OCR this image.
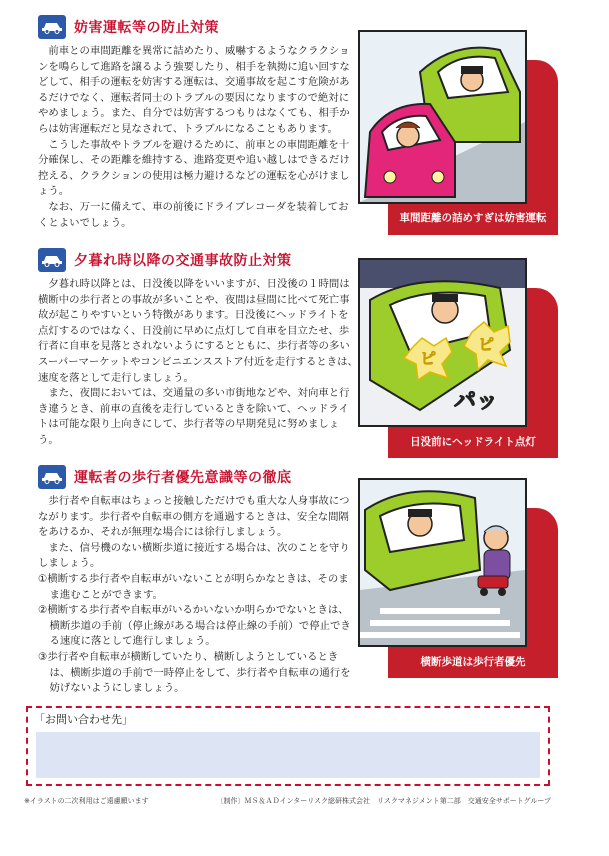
妨害運転等の防止対策

前車との車間距離を異常に詰めたり、威嚇するようなクラクションを鳴らして進路を譲るよう強要したり、相手を執拗に追い回すなどして、相手の運転を妨害する運転は、交通事故を起こす危険があるだけでなく、運転者同士のトラブルの要因になりますので絶対にやめましょう。また、自分では妨害するつもりはなくても、相手からは妨害運転だと見なされて、トラブルになることもあります。

こうした事故やトラブルを避けるために、前車との車間距離を十分確保し、その距離を維持する、進路変更や追い越しはできるだけ控える、クラクションの使用は極力避けるなどの運転を心がけましょう。

なお、万一に備えて、車の前後にドライブレコーダを装着しておくとよいでしょう。

夕暮れ時以降の交通事故防止対策

夕暮れ時以降とは、日没後以降をいいますが、日没後の１時間は横断中の歩行者との事故が多いことや、夜間は昼間に比べて死亡事故が起こりやすいという特徴があります。日没後にヘッドライトを点灯するのではなく、日没前に早めに点灯して自車を目立たせ、歩行者に自車を見落とされないようにするとともに、歩行者等の多いスーパーマーケットやコンビニエンスストア付近を走行するときは、速度を落として走行しましょう。

また、夜間においては、交通量の多い市街地などや、対向車と行き違うとき、前車の直後を走行しているときを除いて、ヘッドライトは可能な限り上向きにして、歩行者等の早期発見に努めましょう。

運転者の歩行者優先意識等の徹底

歩行者や自転車はちょっと接触しただけでも重大な人身事故につながります。歩行者や自転車の側方を通過するときは、安全な間隔をあけるか、それが無理な場合には徐行しましょう。

また、信号機のない横断歩道に接近する場合は、次のことを守りしましょう。

①横断する歩行者や自転車がいないことが明らかなときは、そのまま進むことができます。

②横断する歩行者や自転車がいるかいないか明らかでないときは、横断歩道の手前（停止線がある場合は停止線の手前）で停止できる速度に落として進行しましょう。

③歩行者や自転車が横断していたり、横断しようとしているときは、横断歩道の手前で一時停止をして、歩行者や自転車の通行を妨げないようにしましょう。

車間距離の詰めすぎは妨害運転
ピ
ピ
パッ
日没前にヘッドライト点灯
横断歩道は歩行者優先
「お問い合わせ先」
※イラストの二次利用はご遠慮願います	〔制作〕ＭＳ＆ＡＤインターリスク総研株式会社　リスクマネジメント第二部　交通安全サポートグループ
